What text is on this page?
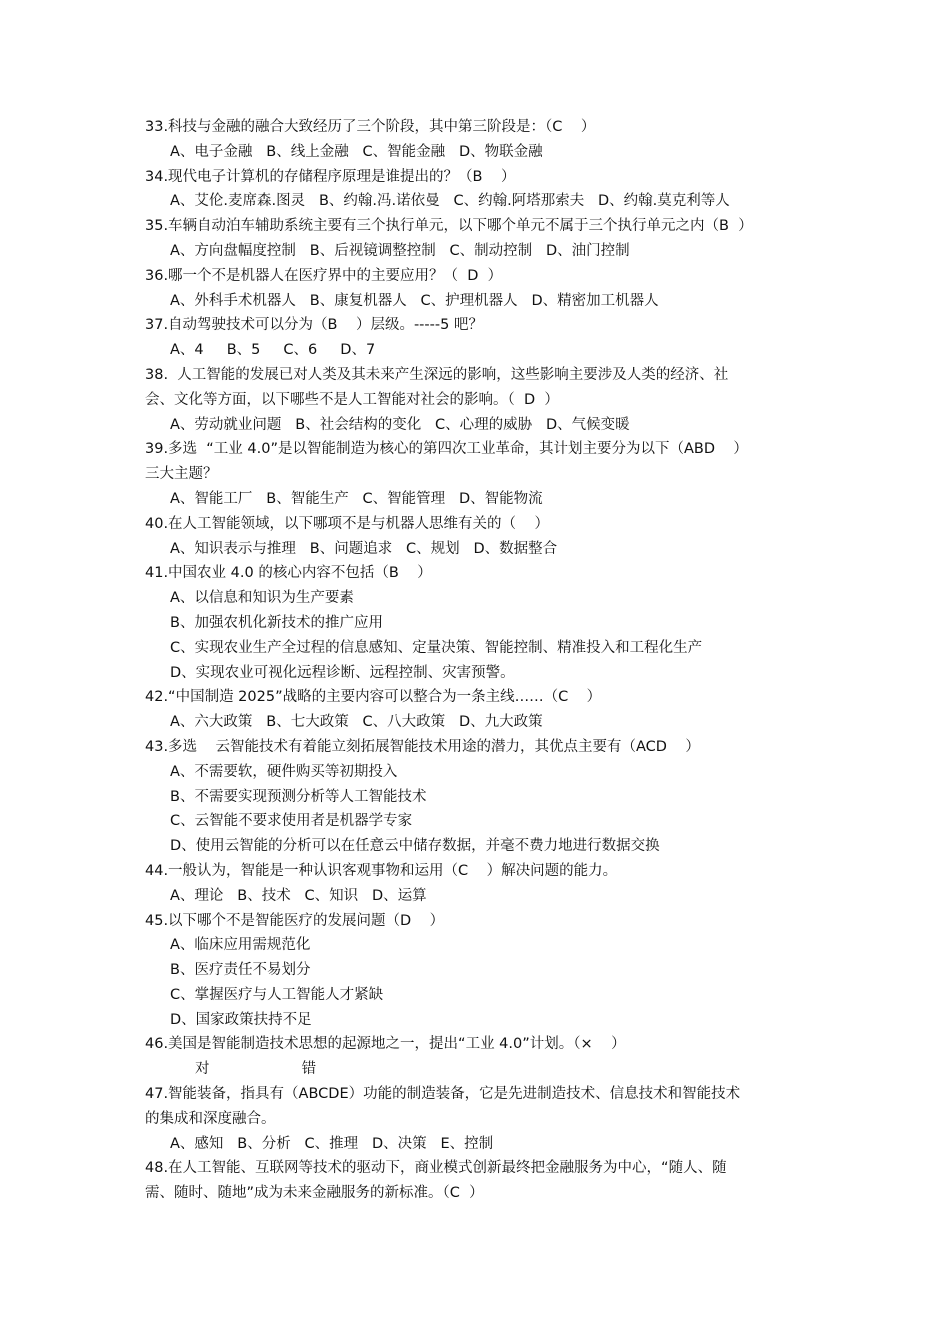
33.科技与金融的融合大致经历了三个阶段，其中第三阶段是：（C    ）
A、电子金融   B、线上金融   C、智能金融   D、物联金融
34.现代电子计算机的存储程序原理是谁提出的？（B    ）
A、艾伦.麦席森.图灵   B、约翰.冯.诺依曼   C、约翰.阿塔那索夫   D、约翰.莫克利等人
35.车辆自动泊车辅助系统主要有三个执行单元，以下哪个单元不属于三个执行单元之内（B  ）
A、方向盘幅度控制   B、后视镜调整控制   C、制动控制   D、油门控制
36.哪一个不是机器人在医疗界中的主要应用？（  D  ）
A、外科手术机器人   B、康复机器人   C、护理机器人   D、精密加工机器人
37.自动驾驶技术可以分为（B    ）层级。-----5 吧？
A、4     B、5     C、6     D、7
38.  人工智能的发展已对人类及其未来产生深远的影响，这些影响主要涉及人类的经济、社
会、文化等方面，以下哪些不是人工智能对社会的影响。（  D  ）
A、劳动就业问题   B、社会结构的变化   C、心理的威胁   D、气候变暖
39.多选  “工业 4.0”是以智能制造为核心的第四次工业革命，其计划主要分为以下（ABD    ）
三大主题？
A、智能工厂   B、智能生产   C、智能管理   D、智能物流
40.在人工智能领域，以下哪项不是与机器人思维有关的（    ）
A、知识表示与推理   B、问题追求   C、规划   D、数据整合
41.中国农业 4.0 的核心内容不包括（B    ）
A、以信息和知识为生产要素
B、加强农机化新技术的推广应用
C、实现农业生产全过程的信息感知、定量决策、智能控制、精准投入和工程化生产
D、实现农业可视化远程诊断、远程控制、灾害预警。
42.“中国制造 2025”战略的主要内容可以整合为一条主线……（C    ）
A、六大政策   B、七大政策   C、八大政策   D、九大政策
43.多选    云智能技术有着能立刻拓展智能技术用途的潜力，其优点主要有（ACD    ）
A、不需要软，硬件购买等初期投入
B、不需要实现预测分析等人工智能技术
C、云智能不要求使用者是机器学专家
D、使用云智能的分析可以在任意云中储存数据，并毫不费力地进行数据交换
44.一般认为，智能是一种认识客观事物和运用（C    ）解决问题的能力。
A、理论   B、技术   C、知识   D、运算
45.以下哪个不是智能医疗的发展问题（D    ）
A、临床应用需规范化
B、医疗责任不易划分
C、掌握医疗与人工智能人才紧缺
D、国家政策扶持不足
46.美国是智能制造技术思想的起源地之一，提出“工业 4.0”计划。（×    ）
对                    错
47.智能装备，指具有（ABCDE）功能的制造装备，它是先进制造技术、信息技术和智能技术
的集成和深度融合。
A、感知   B、分析   C、推理   D、决策   E、控制
48.在人工智能、互联网等技术的驱动下，商业模式创新最终把金融服务为中心，“随人、随
需、随时、随地”成为未来金融服务的新标准。（C  ）
